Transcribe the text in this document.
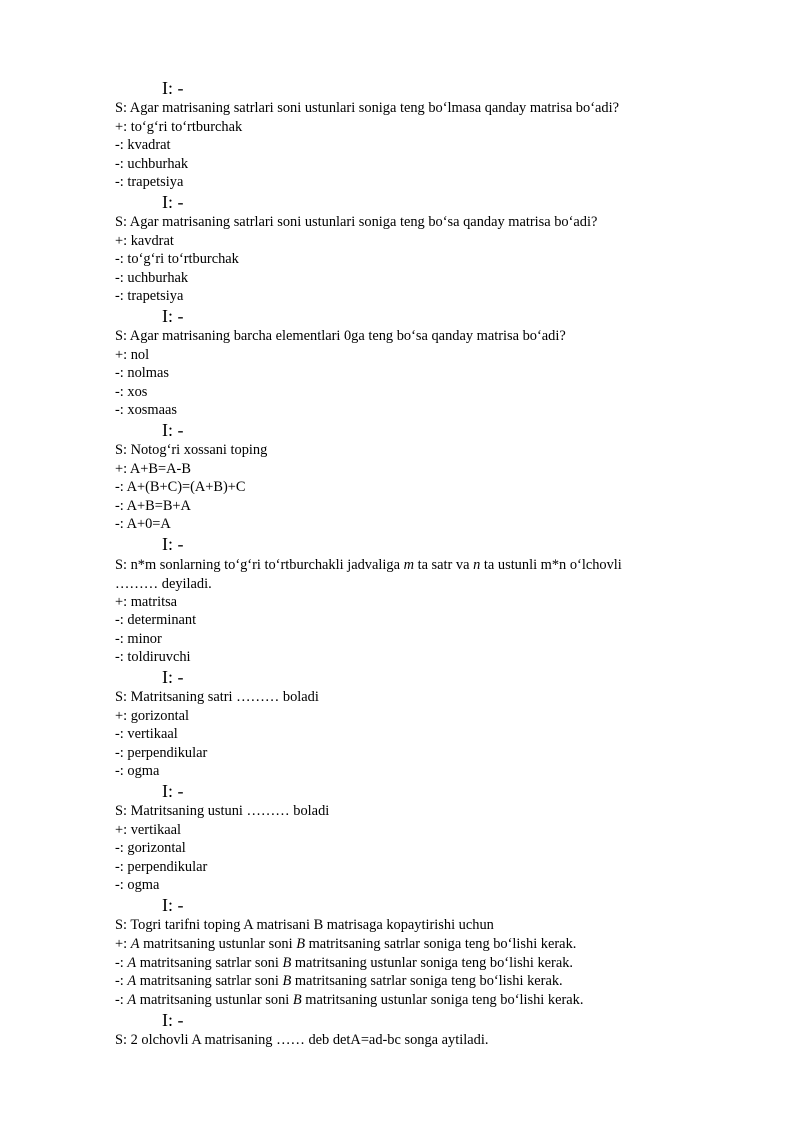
I: -
S: Agar matrisaning satrlari soni ustunlari soniga teng bo‘lmasa qanday matrisa bo‘adi?
+: to‘g‘ri to‘rtburchak
-: kvadrat
-: uchburhak
-: trapetsiya
I: -
S: Agar matrisaning satrlari soni ustunlari soniga teng bo‘sa qanday matrisa bo‘adi?
+: kavdrat
-: to‘g‘ri to‘rtburchak
-: uchburhak
-: trapetsiya
I: -
S: Agar matrisaning barcha elementlari 0ga teng bo‘sa qanday matrisa bo‘adi?
+: nol
-: nolmas
-: xos
-: xosmaas
I: -
S: Notog‘ri xossani toping
+: A+B=A-B
-: A+(B+C)=(A+B)+C
-: A+B=B+A
-: A+0=A
I: -
S: n*m sonlarning to‘g‘ri to‘rtburchakli jadvaliga m ta satr va n ta ustunli m*n o‘lchovli
……… deyiladi.
+: matritsa
-: determinant
-: minor
-: toldiruvchi
I: -
S: Matritsaning satri ……… boladi
+: gorizontal
-: vertikaal
-: perpendikular
-: ogma
I: -
S: Matritsaning ustuni ……… boladi
+: vertikaal
-: gorizontal
-: perpendikular
-: ogma
I: -
S: Togri tarifni toping A matrisani B matrisaga kopaytirishi uchun
+: A matritsaning ustunlar soni B matritsaning satrlar soniga teng bo‘lishi kerak.
-: A matritsaning satrlar soni B matritsaning ustunlar soniga teng bo‘lishi kerak.
-: A matritsaning satrlar soni B matritsaning satrlar soniga teng bo‘lishi kerak.
-: A matritsaning ustunlar soni B matritsaning ustunlar soniga teng bo‘lishi kerak.
I: -
S: 2 olchovli A matrisaning …… deb detA=ad-bc songa aytiladi.
